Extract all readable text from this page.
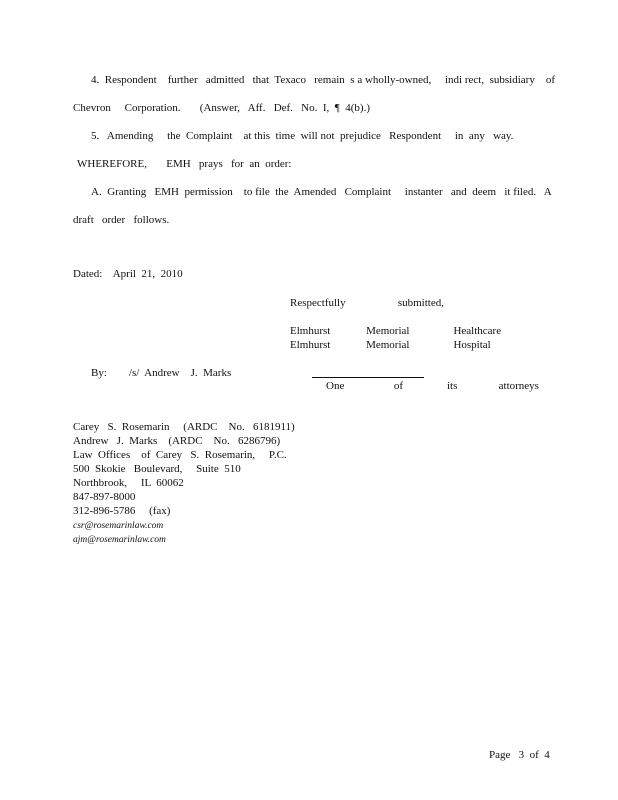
4.  Respondent    further   admitted   that  Texaco   remain  s a wholly-owned,     indi rect,  subsidiary    of
Chevron     Corporation.       (Answer,   Aff.   Def.   No.  I,  ¶  4(b).)
5.   Amending     the  Complaint    at this  time  will not  prejudice   Respondent     in  any   way.
WHEREFORE,       EMH   prays   for  an  order:
A.  Granting   EMH  permission    to file  the  Amended   Complaint     instanter   and  deem   it filed.   A
draft   order   follows.
Dated:    April  21,  2010
Respectfully                   submitted,
Elmhurst             Memorial                Healthcare
Elmhurst             Memorial                Hospital
By:        /s/  Andrew    J.  Marks
One                  of                its               attorneys
Carey   S.  Rosemarin     (ARDC    No.   6181911)
Andrew   J.  Marks    (ARDC    No.   6286796)
Law  Offices    of  Carey   S.  Rosemarin,     P.C.
500  Skokie   Boulevard,     Suite  510
Northbrook,     IL  60062
847-897-8000
312-896-5786     (fax)
csr@rosemarinlaw.com
ajm@rosemarinlaw.com
Page   3  of  4
